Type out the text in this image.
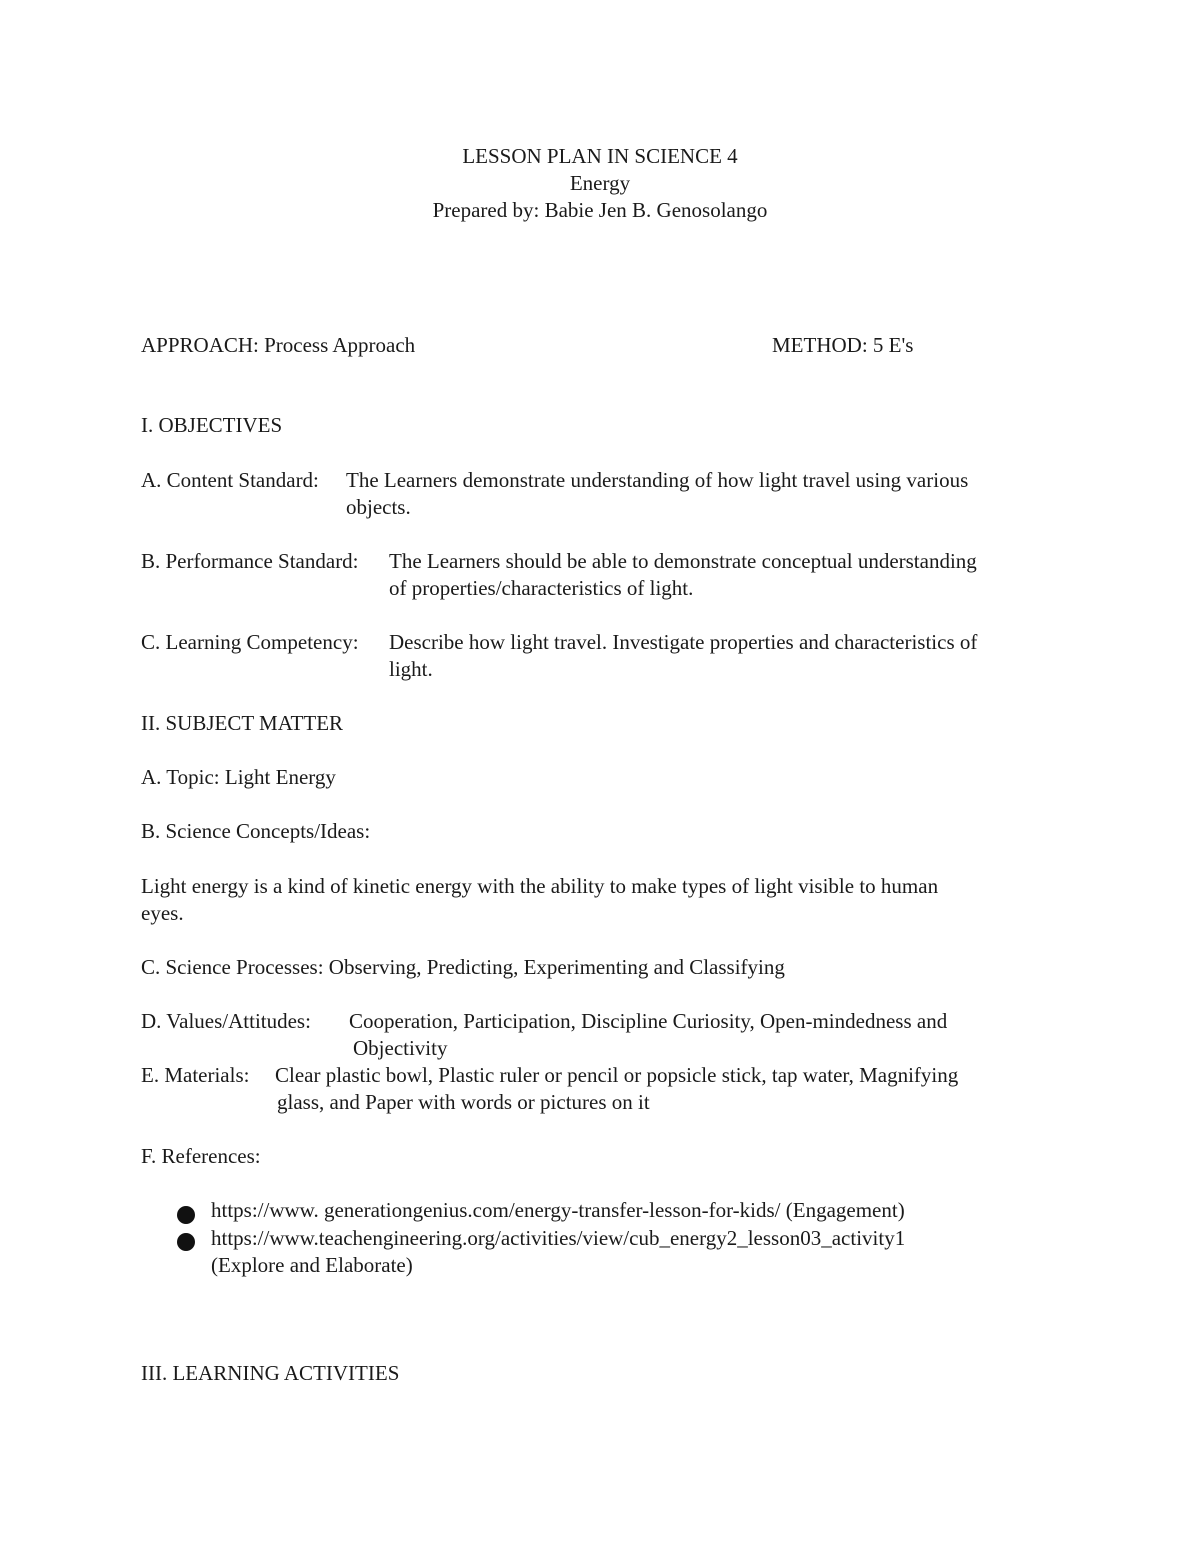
LESSON PLAN IN SCIENCE 4
Energy
Prepared by: Babie Jen B. Genosolango
APPROACH: Process Approach	METHOD: 5 E's
I. OBJECTIVES
A. Content Standard: The Learners demonstrate understanding of how light travel using various
objects.
B. Performance Standard: The Learners should be able to demonstrate conceptual understanding
of properties/characteristics of light.
C. Learning Competency: Describe how light travel. Investigate properties and characteristics of
light.
II. SUBJECT MATTER
A. Topic: Light Energy
B. Science Concepts/Ideas:
Light energy is a kind of kinetic energy with the ability to make types of light visible to human
eyes.
C. Science Processes: Observing, Predicting, Experimenting and Classifying
D. Values/Attitudes: Cooperation, Participation, Discipline Curiosity, Open-mindedness and
Objectivity
E. Materials: Clear plastic bowl, Plastic ruler or pencil or popsicle stick, tap water, Magnifying
glass, and Paper with words or pictures on it
F. References:
https://www. generationgenius.com/energy-transfer-lesson-for-kids/ (Engagement)
https://www.teachengineering.org/activities/view/cub_energy2_lesson03_activity1
(Explore and Elaborate)
III. LEARNING ACTIVITIES
